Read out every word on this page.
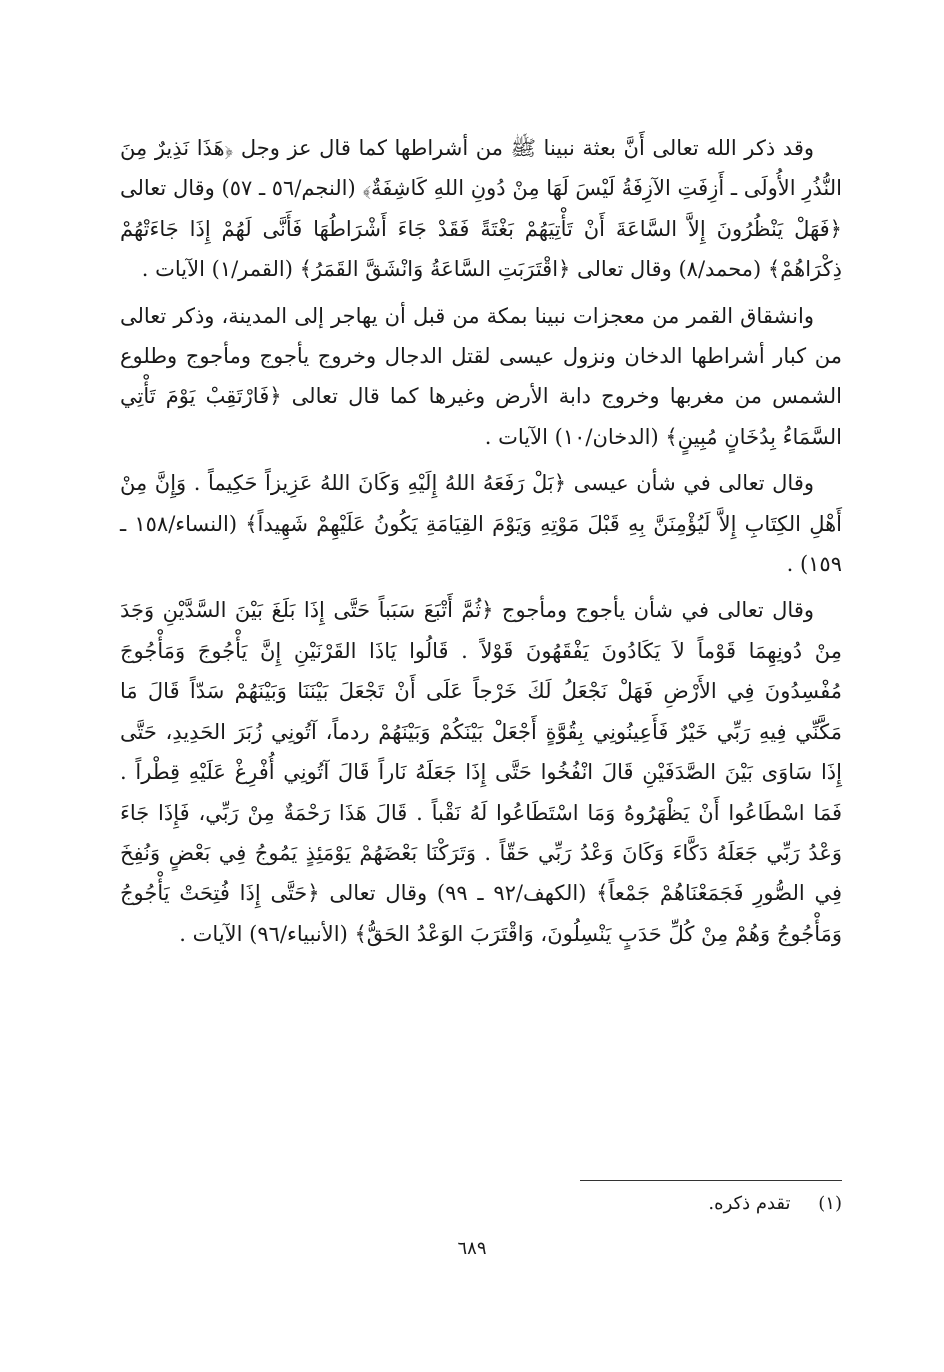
وقد ذكر الله تعالى أَنَّ بعثة نبينا ﷺ من أشراطها كما قال عز وجل ﴿هَذَا نَذِيرٌ مِنَ النُّذُرِ الأُولَى ـ أَزِفَتِ الآزِفَةُ لَيْسَ لَهَا مِنْ دُونِ اللهِ كَاشِفَةٌ﴾ (النجم/٥٦ ـ ٥٧) وقال تعالى ﴿فَهَلْ يَنْظُرُونَ إِلاَّ السَّاعَةَ أَنْ تَأْتِيَهُمْ بَغْتَةً فَقَدْ جَاءَ أَشْرَاطُهَا فَأَنَّى لَهُمْ إِذَا جَاءَتْهُمْ ذِكْرَاهُمْ﴾ (محمد/٨) وقال تعالى ﴿اقْتَرَبَتِ السَّاعَةُ وَانْشَقَّ القَمَرُ﴾ (القمر/١) الآيات .

وانشقاق القمر من معجزات نبينا بمكة من قبل أن يهاجر إلى المدينة، وذكر تعالى من كبار أشراطها الدخان ونزول عيسى لقتل الدجال وخروج يأجوج ومأجوج وطلوع الشمس من مغربها وخروج دابة الأرض وغيرها كما قال تعالى ﴿فَارْتَقِبْ يَوْمَ تَأْتِي السَّمَاءُ بِدُخَانٍ مُبِينٍ﴾ (الدخان/١٠) الآيات .

وقال تعالى في شأن عيسى ﴿بَلْ رَفَعَهُ اللهُ إِلَيْهِ وَكَانَ اللهُ عَزِيزاً حَكِيماً . وَإِنَّ مِنْ أَهْلِ الكِتَابِ إِلاَّ لَيُؤْمِنَنَّ بِهِ قَبْلَ مَوْتِهِ وَيَوْمَ القِيَامَةِ يَكُونُ عَلَيْهِمْ شَهِيداً﴾ (النساء/١٥٨ ـ ١٥٩) .

وقال تعالى في شأن يأجوج ومأجوج ﴿ثُمَّ أَتْبَعَ سَبَباً حَتَّى إِذَا بَلَغَ بَيْنَ السَّدَّيْنِ وَجَدَ مِنْ دُونِهِمَا قَوْماً لاَ يَكَادُونَ يَفْقَهُونَ قَوْلاً . قَالُوا يَاذَا القَرْنَيْنِ إِنَّ يَأْجُوجَ وَمَأْجُوجَ مُفْسِدُونَ فِي الأَرْضِ فَهَلْ نَجْعَلُ لَكَ خَرْجاً عَلَى أَنْ تَجْعَلَ بَيْنَنَا وَبَيْنَهُمْ سَدّاً قَالَ مَا مَكَّنِّي فِيهِ رَبِّي خَيْرٌ فَأَعِينُونِي بِقُوَّةٍ أَجْعَلْ بَيْنَكُمْ وَبَيْنَهُمْ ردماً، آتُونِي زُبَرَ الحَدِيدِ، حَتَّى إِذَا سَاوَى بَيْنَ الصَّدَفَيْنِ قَالَ انْفُخُوا حَتَّى إِذَا جَعَلَهُ نَاراً قَالَ آتُونِي أُفْرِغْ عَلَيْهِ قِطْراً . فَمَا اسْطَاعُوا أَنْ يَظْهَرُوهُ وَمَا اسْتَطَاعُوا لَهُ نَقْباً . قَالَ هَذَا رَحْمَةٌ مِنْ رَبِّي، فَإِذَا جَاءَ وَعْدُ رَبِّي جَعَلَهُ دَكَّاءَ وَكَانَ وَعْدُ رَبِّي حَقّاً . وَتَرَكْنَا بَعْضَهُمْ يَوْمَئِذٍ يَمُوجُ فِي بَعْضٍ وَنُفِخَ فِي الصُّورِ فَجَمَعْنَاهُمْ جَمْعاً﴾ (الكهف/٩٢ ـ ٩٩) وقال تعالى ﴿حَتَّى إِذَا فُتِحَتْ يَأْجُوجُ وَمَأْجُوجُ وَهُمْ مِنْ كُلِّ حَدَبٍ يَنْسِلُونَ، وَاقْتَرَبَ الوَعْدُ الحَقُّ﴾ (الأنبياء/٩٦) الآيات .

(١) تقدم ذكره.
٦٨٩
